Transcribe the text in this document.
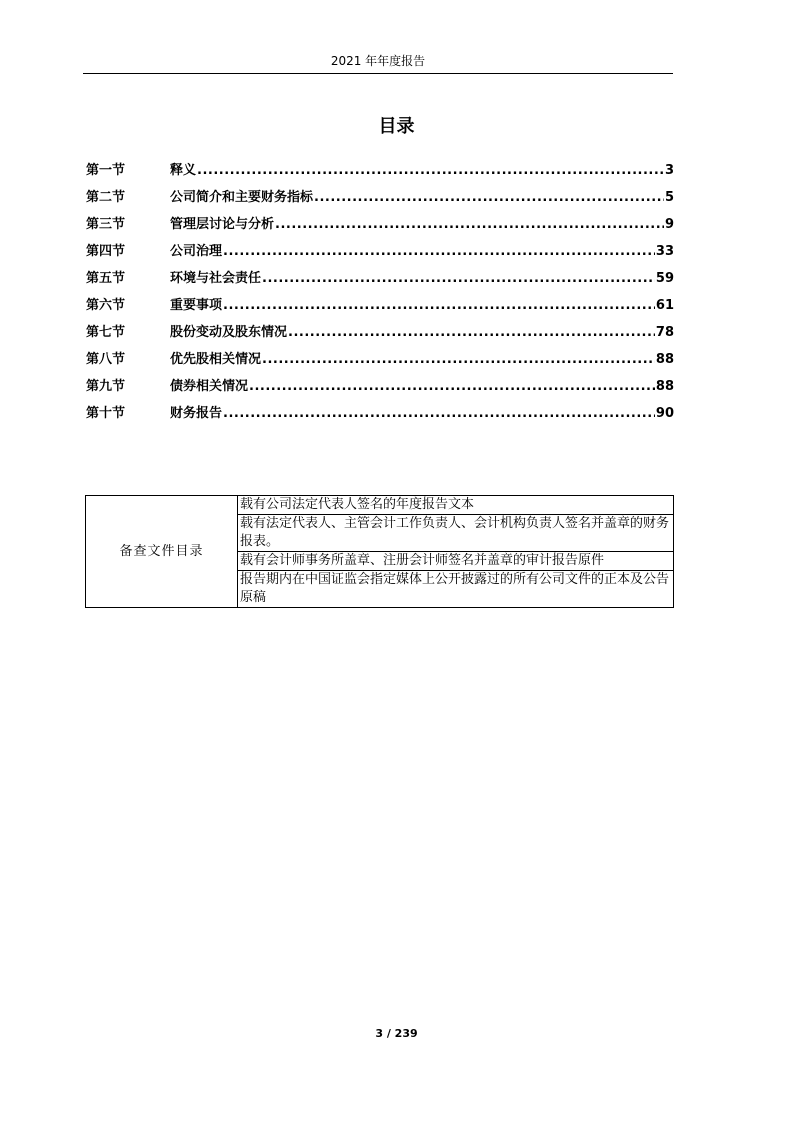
2021 年年度报告
目录
第一节	释义 .....	3
第二节	公司简介和主要财务指标 .....	5
第三节	管理层讨论与分析 .....	9
第四节	公司治理 .....	33
第五节	环境与社会责任 .....	59
第六节	重要事项 .....	61
第七节	股份变动及股东情况 .....	78
第八节	优先股相关情况 .....	88
第九节	债券相关情况 .....	88
第十节	财务报告 .....	90
备查文件目录	载有公司法定代表人签名的年度报告文本
载有法定代表人、主管会计工作负责人、会计机构负责人签名并盖章的财务报表。
载有会计师事务所盖章、注册会计师签名并盖章的审计报告原件
报告期内在中国证监会指定媒体上公开披露过的所有公司文件的正本及公告原稿
3 / 239
